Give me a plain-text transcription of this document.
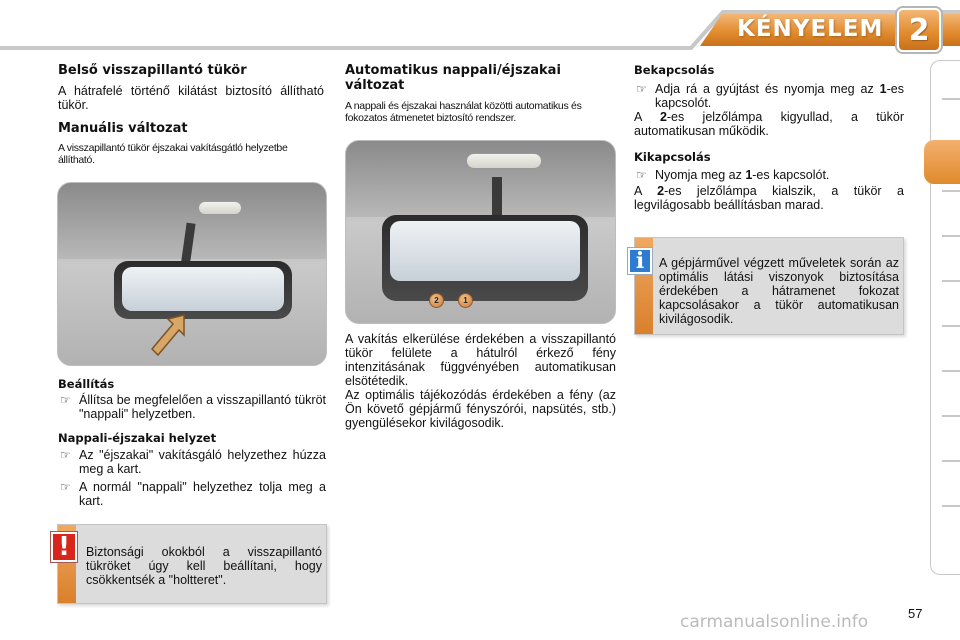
KÉNYELEM 2
Belső visszapillantó tükör
A hátrafelé történő kilátást biztosító állítható tükör.
Manuális változat
A visszapillantó tükör éjszakai vakításgátló helyzetbe állítható.
Beállítás
☞ Állítsa be megfelelően a visszapillantó tükröt "nappali" helyzetben.
Nappali-éjszakai helyzet
☞ Az "éjszakai" vakításgáló helyzethez húzza meg a kart.
☞ A normál "nappali" helyzethez tolja meg a kart.
Biztonsági okokból a visszapillantó tükröket úgy kell beállítani, hogy csökkentsék a "holtteret".
!
Automatikus nappali/éjszakai változat
A nappali és éjszakai használat közötti automatikus és fokozatos átmenetet biztosító rendszer.
2	1
A vakítás elkerülése érdekében a visszapillantó tükör felülete a hátulról érkező fény intenzitásának függvényében automatikusan elsötétedik.
Az optimális tájékozódás érdekében a fény (az Ön követő gépjármű fényszórói, napsütés, stb.) gyengülésekor kivilágosodik.
Bekapcsolás
☞ Adja rá a gyújtást és nyomja meg az 1-es kapcsolót.
A 2-es jelzőlámpa kigyullad, a tükör automatikusan működik.
Kikapcsolás
☞ Nyomja meg az 1-es kapcsolót.
A 2-es jelzőlámpa kialszik, a tükör a legvilágosabb beállításban marad.
A gépjárművel végzett műveletek során az optimális látási viszonyok biztosítása érdekében a hátramenet fokozat kapcsolásakor a tükör automatikusan kivilágosodik.
i
57
carmanualsonline.info
